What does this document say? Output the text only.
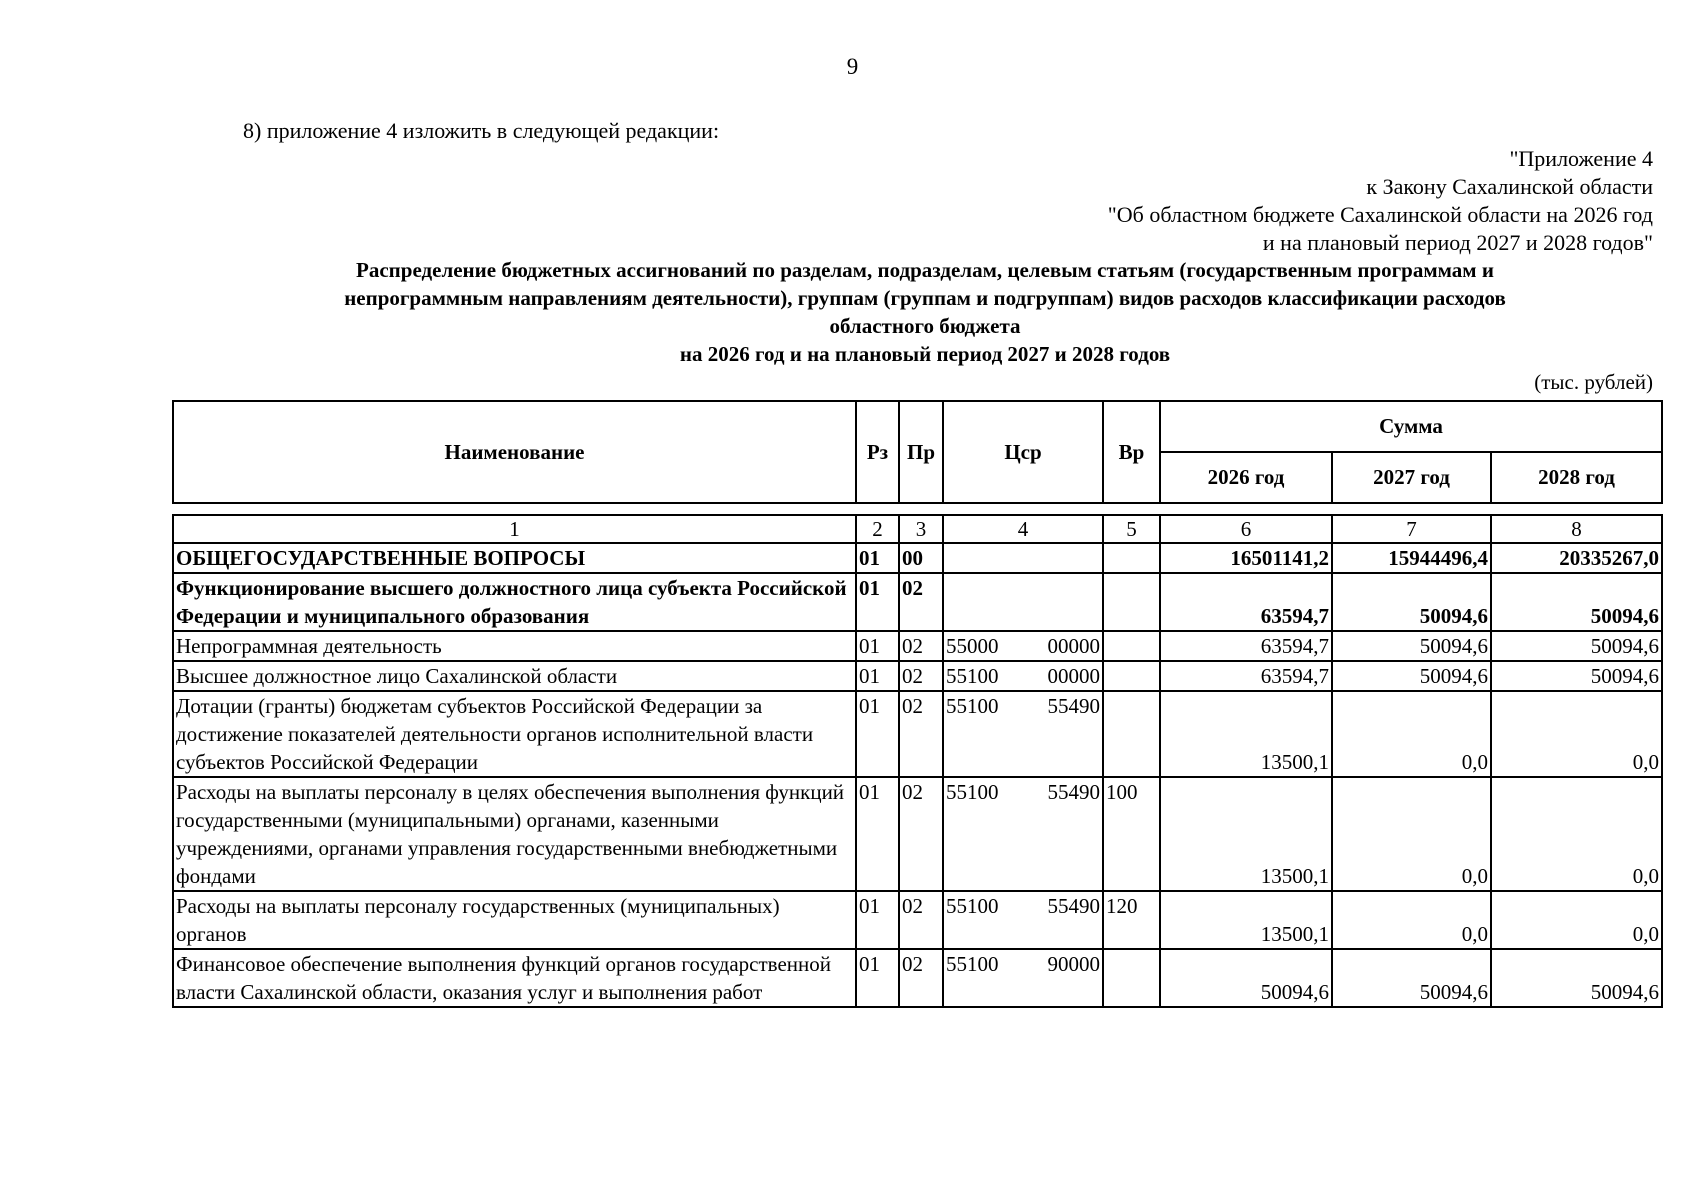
9
8) приложение 4 изложить в следующей редакции:
"Приложение 4
к Закону Сахалинской области
"Об областном бюджете Сахалинской области на 2026 год
и на плановый период 2027 и 2028 годов"
Распределение бюджетных ассигнований по разделам, подразделам, целевым статьям (государственным программам и
непрограммным направлениям деятельности), группам (группам и подгруппам) видов расходов классификации расходов
областного бюджета
на 2026 год и на плановый период 2027 и 2028 годов
(тыс. рублей)
Наименование	Рз	Пр	Цср	Вр	Сумма		
					2026 год	2027 год	2028 год
1	2	3	4	5	6	7	8
ОБЩЕГОСУДАРСТВЕННЫЕ ВОПРОСЫ	01	00			16501141,2	15944496,4	20335267,0
Функционирование высшего должностного лица субъекта Российской Федерации и муниципального образования	01	02			63594,7	50094,6	50094,6
Непрограммная деятельность	01	02	55000 00000		63594,7	50094,6	50094,6
Высшее должностное лицо Сахалинской области	01	02	55100 00000		63594,7	50094,6	50094,6
Дотации (гранты) бюджетам субъектов Российской Федерации за достижение показателей деятельности органов исполнительной власти субъектов Российской Федерации	01	02	55100 55490		13500,1	0,0	0,0
Расходы на выплаты персоналу в целях обеспечения выполнения функций государственными (муниципальными) органами, казенными учреждениями, органами управления государственными внебюджетными фондами	01	02	55100 55490	100	13500,1	0,0	0,0
Расходы на выплаты персоналу государственных (муниципальных) органов	01	02	55100 55490	120	13500,1	0,0	0,0
Финансовое обеспечение выполнения функций органов государственной власти Сахалинской области, оказания услуг и выполнения работ	01	02	55100 90000		50094,6	50094,6	50094,6
